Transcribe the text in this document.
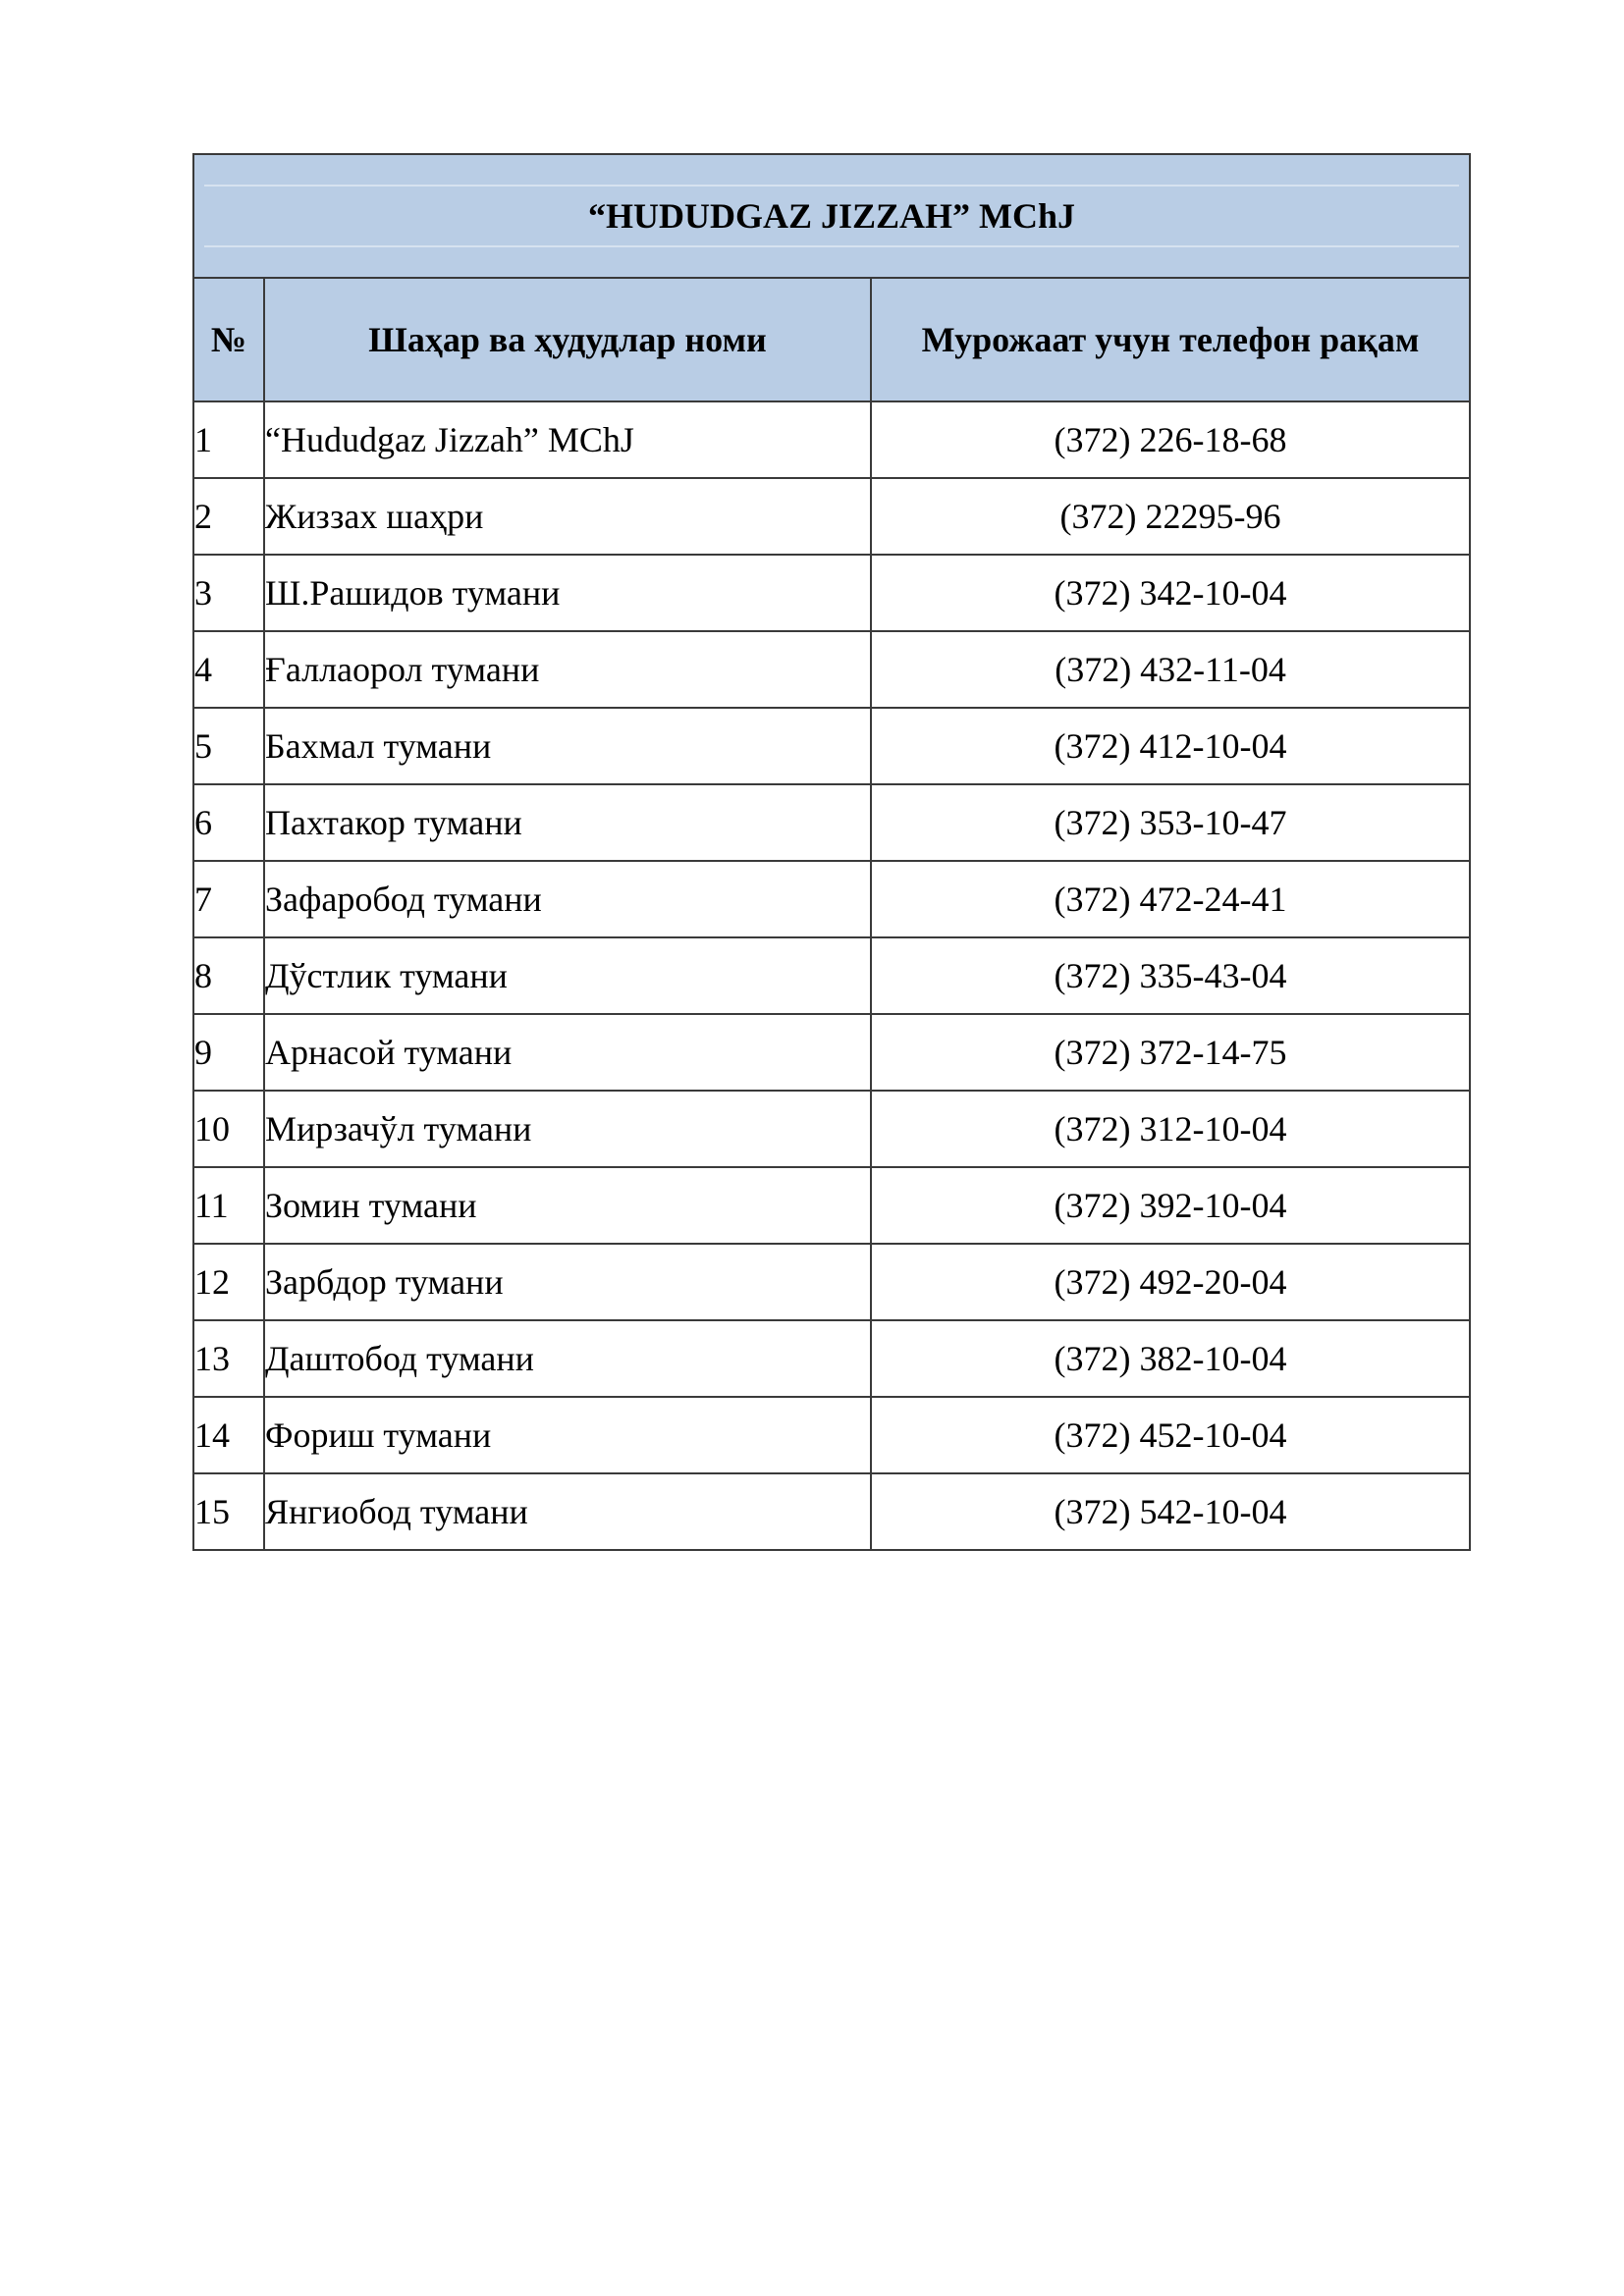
“HUDUDGAZ JIZZAH” MChJ		

№	Шаҳар ва ҳудудлар номи	Мурожаат учун телефон рақам
1	“Hududgaz Jizzah” MChJ	(372) 226-18-68
2	Жиззах шаҳри	(372) 22295-96
3	Ш.Рашидов тумани	(372) 342-10-04
4	Ғаллаорол тумани	(372) 432-11-04
5	Бахмал тумани	(372) 412-10-04
6	Пахтакор тумани	(372) 353-10-47
7	Зафаробод тумани	(372) 472-24-41
8	Дўстлик тумани	(372) 335-43-04
9	Арнасой тумани	(372) 372-14-75
10	Мирзачўл тумани	(372) 312-10-04
11	Зомин тумани	(372) 392-10-04
12	Зарбдор тумани	(372) 492-20-04
13	Даштобод тумани	(372) 382-10-04
14	Фориш тумани	(372) 452-10-04
15	Янгиобод тумани	(372) 542-10-04
